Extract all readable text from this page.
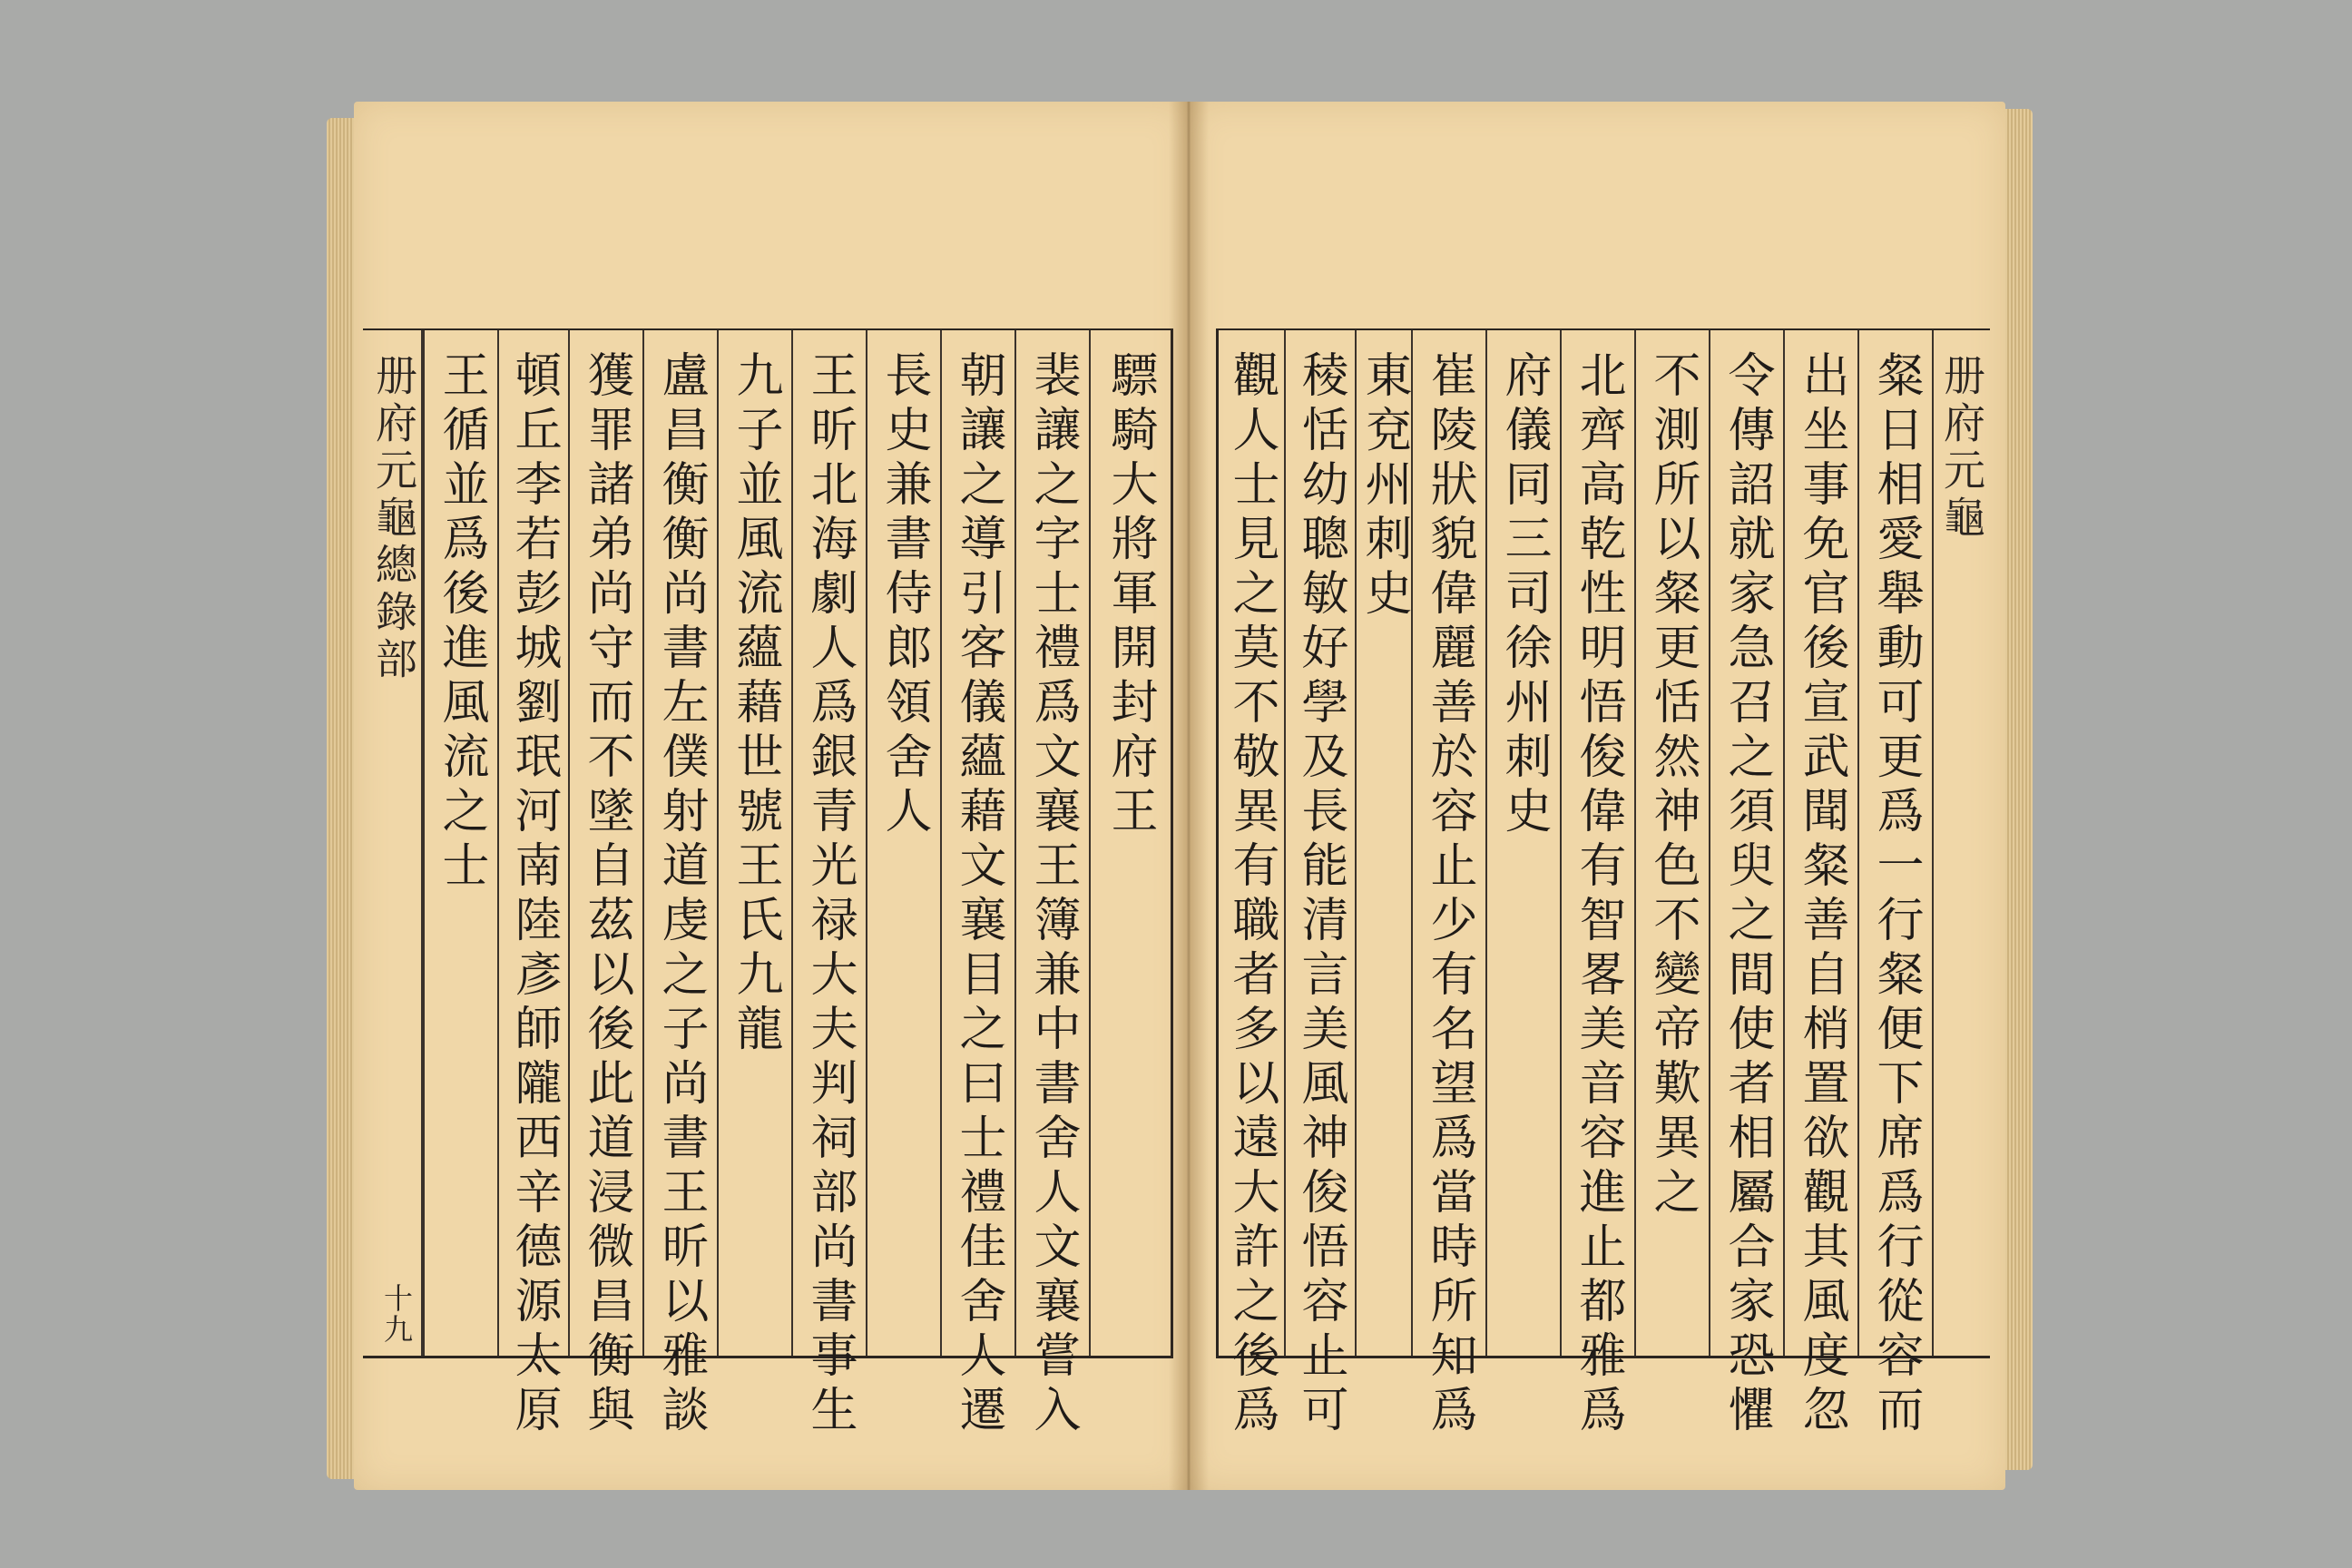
册府元龜總錄部
十九
驃騎大將軍開封府王
裴讓之字士禮爲文襄王簿兼中書舍人文襄嘗入
朝讓之導引客儀蘊藉文襄目之曰士禮佳舍人遷
長史兼書侍郎領舍人
王昕北海劇人爲銀青光禄大夫判祠部尚書事生
九子並風流蘊藉世號王氏九龍
盧昌衡衡尚書左僕射道虔之子尚書王昕以雅談
獲罪諸弟尚守而不墜自茲以後此道浸微昌衡與
頓丘李若彭城劉珉河南陸彥師隴西辛德源太原
王循並爲後進風流之士	册府元龜
粲日相愛舉動可更爲一行粲便下席爲行從容而
出坐事免官後宣武聞粲善自梢置欲觀其風度忽
令傳詔就家急召之須臾之間使者相屬合家恐懼
不測所以粲更恬然神色不變帝歎異之
北齊高乾性明悟俊偉有智畧美音容進止都雅爲
府儀同三司徐州刺史
崔陵狀貌偉麗善於容止少有名望爲當時所知爲
東兗州刺史
稜恬幼聰敏好學及長能清言美風神俊悟容止可
觀人士見之莫不敬異有職者多以遠大許之後爲
